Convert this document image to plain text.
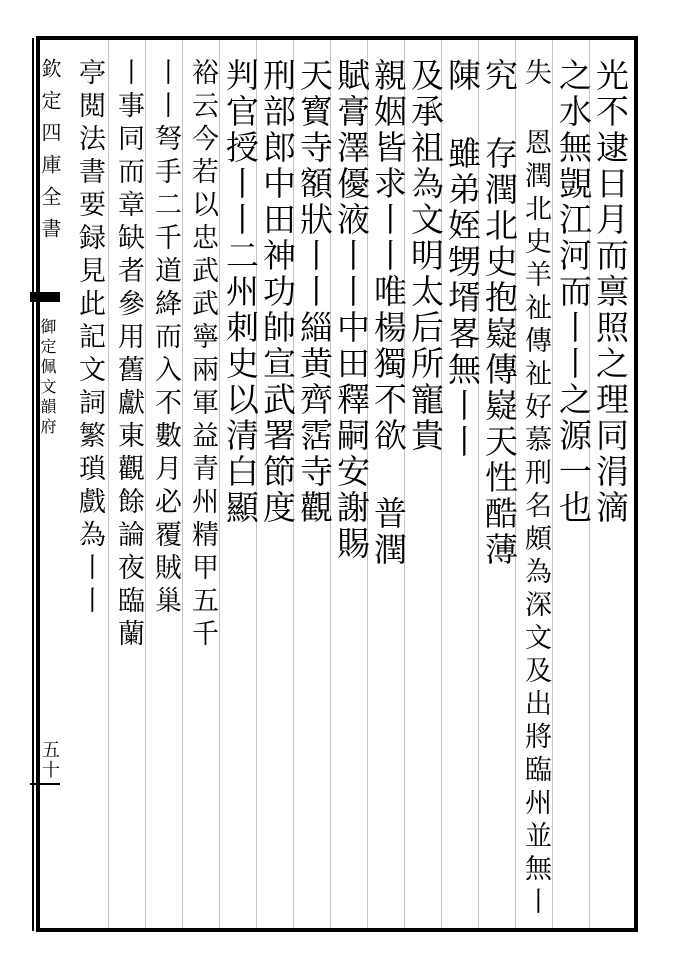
欽定四庫全書
御定佩文韻府
五十
光不逮日月而禀照之理同涓滴
之水無覬江河而丨丨之源一也
失 恩潤北史羊祉傳祉好慕刑名頗為深文及出將臨州並無丨
究 存潤北史抱嶷傳嶷天性酷薄
陳 雖弟姪甥壻畧無丨丨
及承祖為文明太后所寵貴
親姻皆求丨丨唯楊獨不欲 普潤
賦膏澤優液丨丨中田釋嗣安謝賜
天寳寺額狀丨丨緇黄齊霑寺觀
刑部郎中田神功帥宣武署節度
判官授丨丨二州刺史以清白顯
裕云今若以忠武武寧兩軍益青州精甲五千
丨丨弩手二千道絳而入不數月必覆賊巢
丨事同而章缺者參用舊獻東觀餘論夜臨蘭
亭閲法書要録見此記文詞繁瑣戲為丨丨
